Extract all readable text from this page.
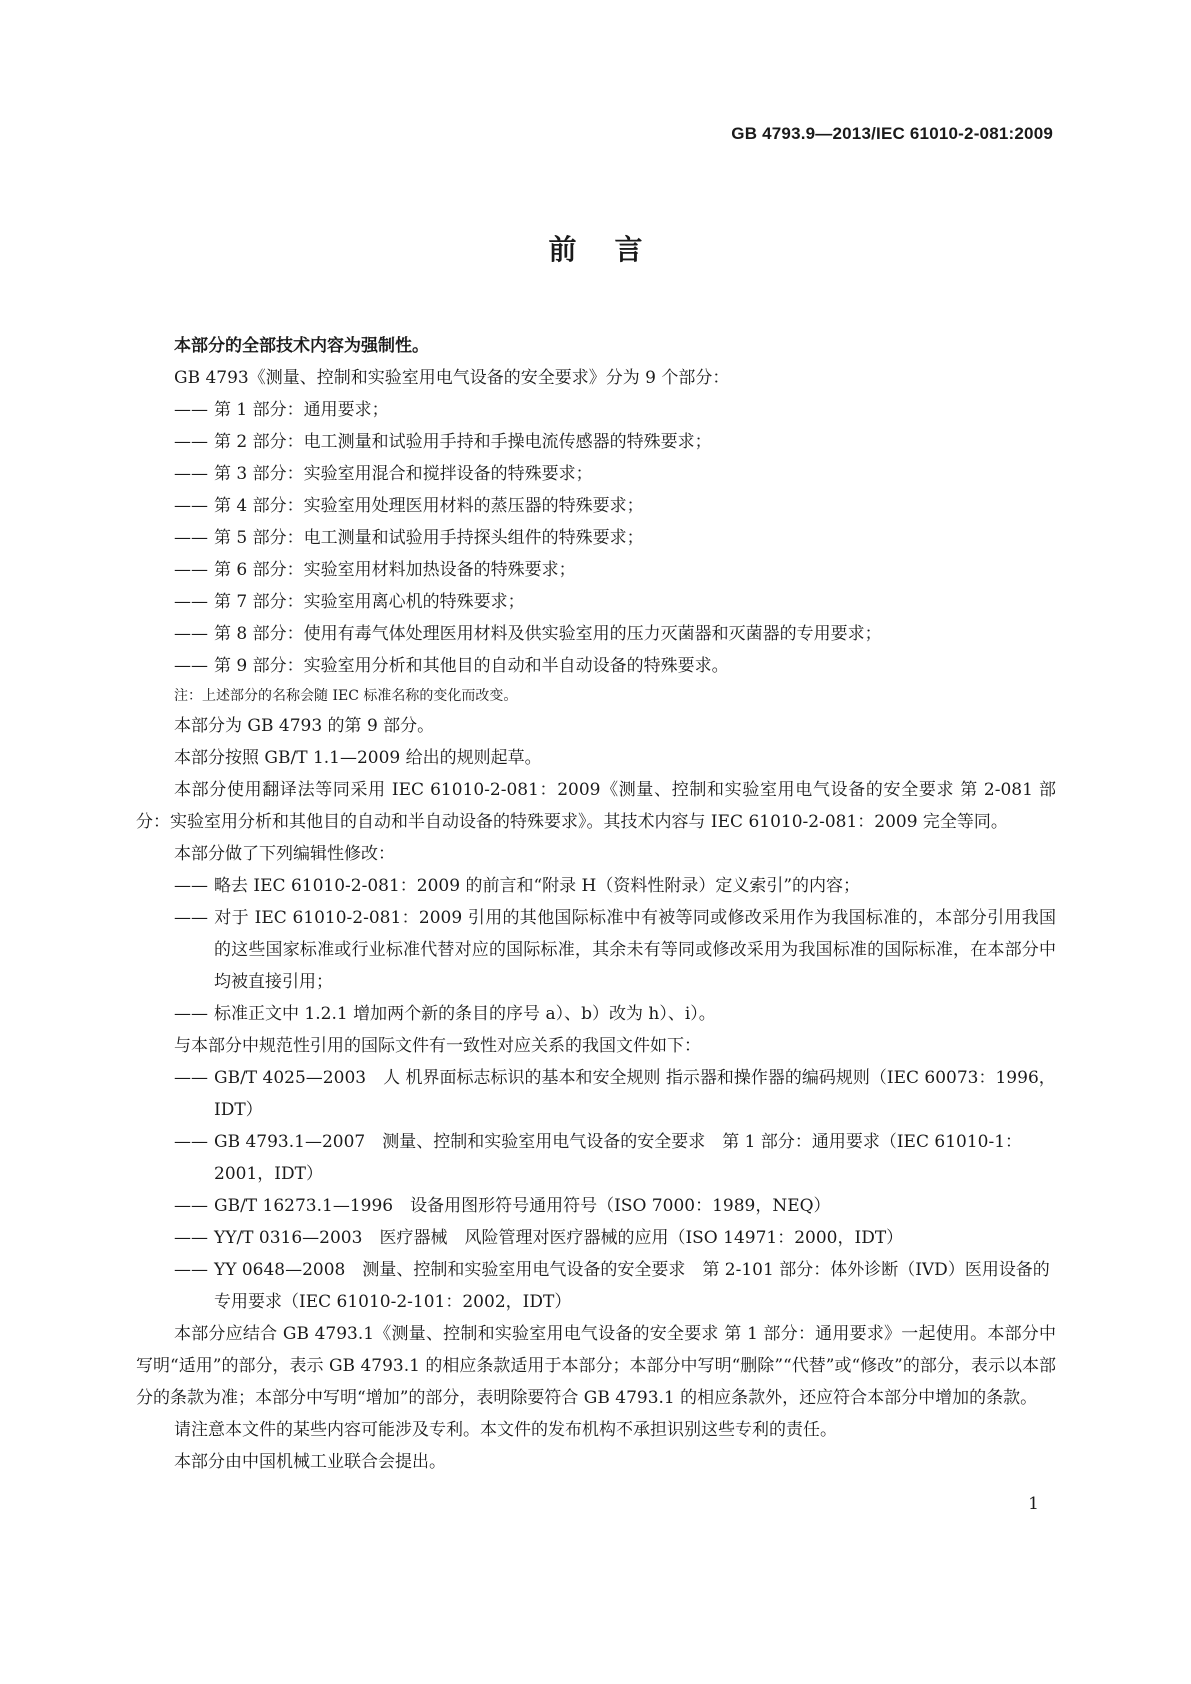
GB 4793.9—2013/IEC 61010-2-081:2009
前言

本部分的全部技术内容为强制性。

GB 4793《测量、控制和实验室用电气设备的安全要求》分为 9 个部分：

—— 第 1 部分：通用要求；

—— 第 2 部分：电工测量和试验用手持和手操电流传感器的特殊要求；

—— 第 3 部分：实验室用混合和搅拌设备的特殊要求；

—— 第 4 部分：实验室用处理医用材料的蒸压器的特殊要求；

—— 第 5 部分：电工测量和试验用手持探头组件的特殊要求；

—— 第 6 部分：实验室用材料加热设备的特殊要求；

—— 第 7 部分：实验室用离心机的特殊要求；

—— 第 8 部分：使用有毒气体处理医用材料及供实验室用的压力灭菌器和灭菌器的专用要求；

—— 第 9 部分：实验室用分析和其他目的自动和半自动设备的特殊要求。

注：上述部分的名称会随 IEC 标准名称的变化而改变。

本部分为 GB 4793 的第 9 部分。

本部分按照 GB/T 1.1—2009 给出的规则起草。

本部分使用翻译法等同采用 IEC 61010-2-081：2009《测量、控制和实验室用电气设备的安全要求 第 2-081 部分：实验室用分析和其他目的自动和半自动设备的特殊要求》。其技术内容与 IEC 61010-2-081：2009 完全等同。

本部分做了下列编辑性修改：

—— 略去 IEC 61010-2-081：2009 的前言和“附录 H（资料性附录）定义索引”的内容；

—— 对于 IEC 61010-2-081：2009 引用的其他国际标准中有被等同或修改采用作为我国标准的，本部分引用我国的这些国家标准或行业标准代替对应的国际标准，其余未有等同或修改采用为我国标准的国际标准，在本部分中均被直接引用；

—— 标准正文中 1.2.1 增加两个新的条目的序号 a）、b）改为 h）、i）。

与本部分中规范性引用的国际文件有一致性对应关系的我国文件如下：

—— GB/T 4025—2003　人 机界面标志标识的基本和安全规则 指示器和操作器的编码规则（IEC 60073：1996，IDT）

—— GB 4793.1—2007　测量、控制和实验室用电气设备的安全要求　第 1 部分：通用要求（IEC 61010-1：2001，IDT）

—— GB/T 16273.1—1996　设备用图形符号通用符号（ISO 7000：1989，NEQ）

—— YY/T 0316—2003　医疗器械　风险管理对医疗器械的应用（ISO 14971：2000，IDT）

—— YY 0648—2008　测量、控制和实验室用电气设备的安全要求　第 2-101 部分：体外诊断（IVD）医用设备的专用要求（IEC 61010-2-101：2002，IDT）

本部分应结合 GB 4793.1《测量、控制和实验室用电气设备的安全要求 第 1 部分：通用要求》一起使用。本部分中写明“适用”的部分，表示 GB 4793.1 的相应条款适用于本部分；本部分中写明“删除”“代替”或“修改”的部分，表示以本部分的条款为准；本部分中写明“增加”的部分，表明除要符合 GB 4793.1 的相应条款外，还应符合本部分中增加的条款。

请注意本文件的某些内容可能涉及专利。本文件的发布机构不承担识别这些专利的责任。

本部分由中国机械工业联合会提出。

1
